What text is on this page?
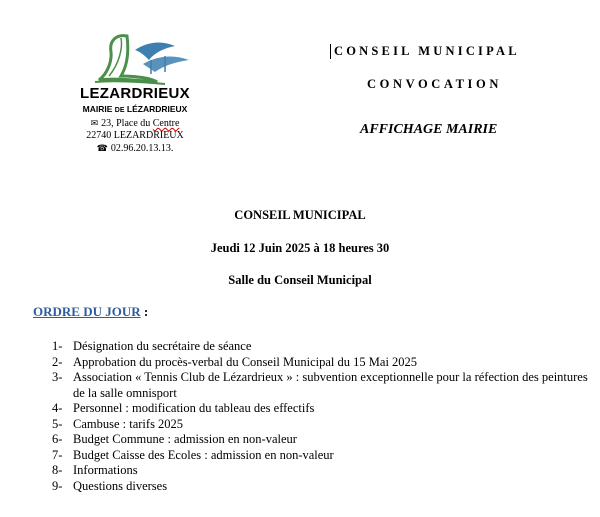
LEZARDRIEUX
MAIRIE DE LÉZARDRIEUX
✉ 23, Place du Centre
22740 LEZARDRIEUX
☎ 02.96.20.13.13.
CONSEIL MUNICIPAL
CONVOCATION
AFFICHAGE MAIRIE
CONSEIL MUNICIPAL
Jeudi 12 Juin 2025 à 18 heures 30
Salle du Conseil Municipal
ORDRE DU JOUR :
1- Désignation du secrétaire de séance
2- Approbation du procès-verbal du Conseil Municipal du 15 Mai 2025
3- Association « Tennis Club de Lézardrieux » : subvention exceptionnelle pour la réfection des peintures de la salle omnisport
4- Personnel : modification du tableau des effectifs
5- Cambuse : tarifs 2025
6- Budget Commune : admission en non-valeur
7- Budget Caisse des Ecoles : admission en non-valeur
8- Informations
9- Questions diverses
